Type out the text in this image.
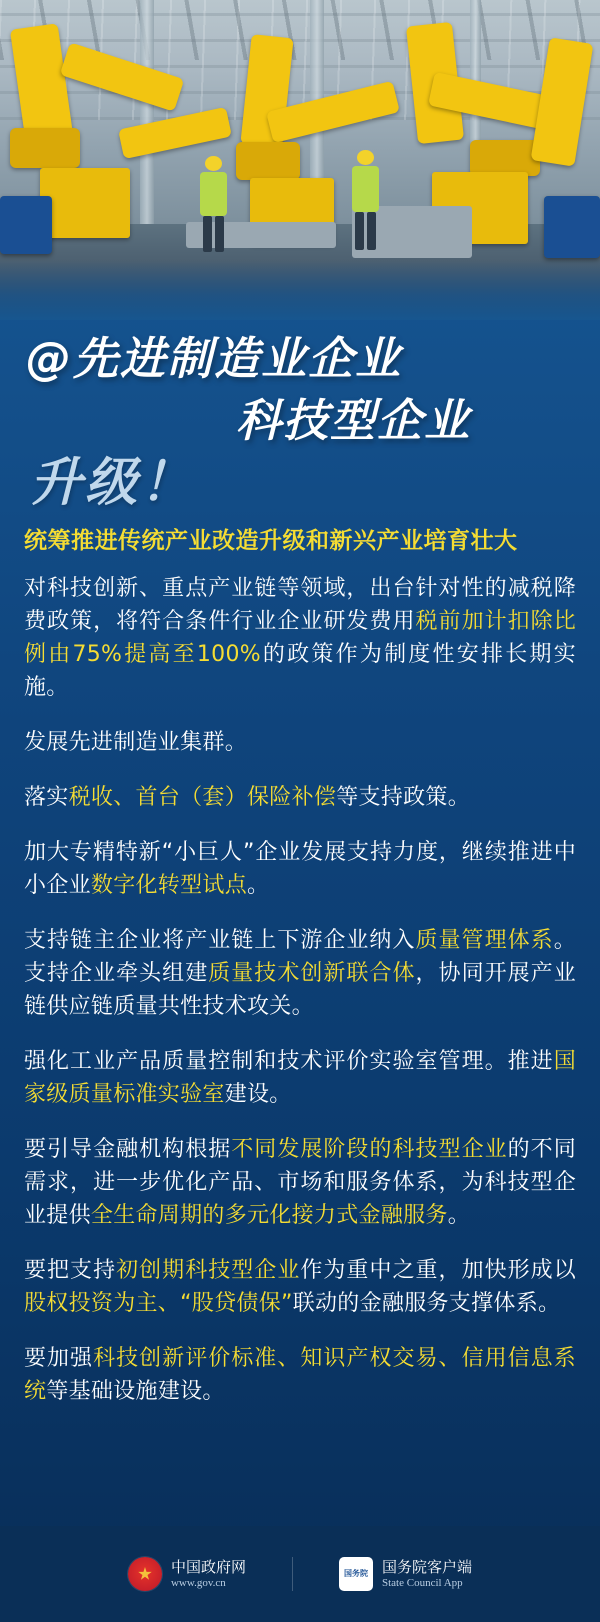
@先进制造业企业
科技型企业
升级！
统筹推进传统产业改造升级和新兴产业培育壮大
对科技创新、重点产业链等领域，出台针对性的减税降费政策，将符合条件行业企业研发费用税前加计扣除比例由75%提高至100%的政策作为制度性安排长期实施。
发展先进制造业集群。
落实税收、首台（套）保险补偿等支持政策。
加大专精特新“小巨人”企业发展支持力度，继续推进中小企业数字化转型试点。
支持链主企业将产业链上下游企业纳入质量管理体系。支持企业牵头组建质量技术创新联合体，协同开展产业链供应链质量共性技术攻关。
强化工业产品质量控制和技术评价实验室管理。推进国家级质量标准实验室建设。
要引导金融机构根据不同发展阶段的科技型企业的不同需求，进一步优化产品、市场和服务体系，为科技型企业提供全生命周期的多元化接力式金融服务。
要把支持初创期科技型企业作为重中之重，加快形成以股权投资为主、“股贷债保”联动的金融服务支撑体系。
要加强科技创新评价标准、知识产权交易、信用信息系统等基础设施建设。
中国政府网
www.gov.cn
国务院 国务院客户端
State Council App
